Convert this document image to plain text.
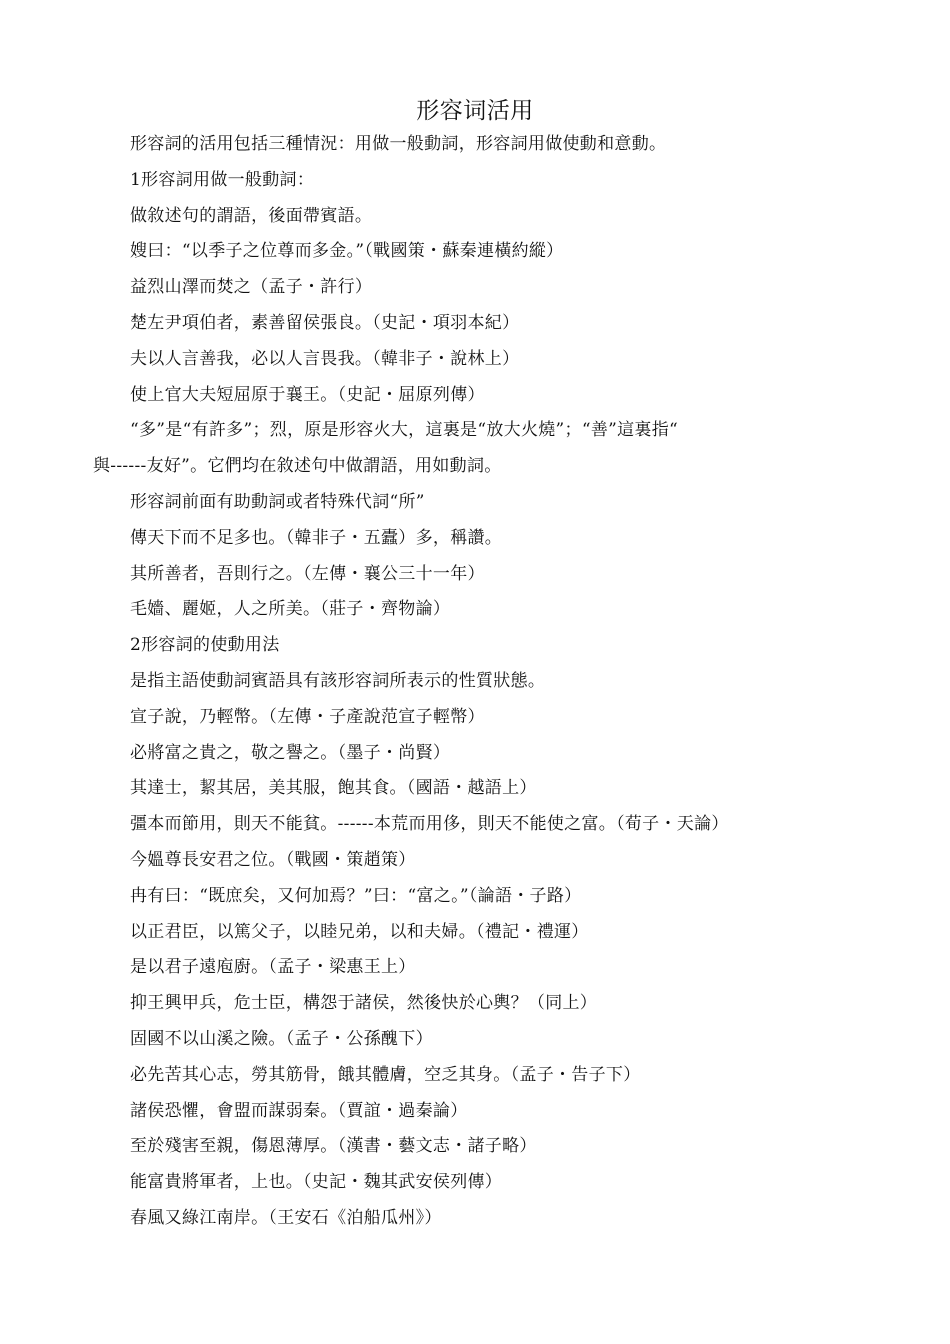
形容词活用
形容詞的活用包括三種情況：用做一般動詞，形容詞用做使動和意動。
1形容詞用做一般動詞：
做敘述句的謂語，後面帶賓語。
嫂曰：“以季子之位尊而多金。”（戰國策・蘇秦連橫約縱）
益烈山澤而焚之（孟子・許行）
楚左尹項伯者，素善留侯張良。（史記・項羽本紀）
夫以人言善我，必以人言畏我。（韓非子・說林上）
使上官大夫短屈原于襄王。（史記・屈原列傳）
“多”是“有許多”；烈，原是形容火大，這裏是“放大火燒”；“善”這裏指“
與------友好”。它們均在敘述句中做謂語，用如動詞。
形容詞前面有助動詞或者特殊代詞“所”
傳天下而不足多也。（韓非子・五蠹）多，稱讚。
其所善者，吾則行之。（左傳・襄公三十一年）
毛嬙、麗姬，人之所美。（莊子・齊物論）
2形容詞的使動用法
是指主語使動詞賓語具有該形容詞所表示的性質狀態。
宣子說，乃輕幣。（左傳・子產說范宣子輕幣）
必將富之貴之，敬之譽之。（墨子・尚賢）
其達士，絜其居，美其服，飽其食。（國語・越語上）
彊本而節用，則天不能貧。------本荒而用侈，則天不能使之富。（荀子・天論）
今媼尊長安君之位。（戰國・策趙策）
冉有曰：“既庶矣，又何加焉？”曰：“富之。”（論語・子路）
以正君臣，以篤父子，以睦兄弟，以和夫婦。（禮記・禮運）
是以君子遠庖廚。（孟子・梁惠王上）
抑王興甲兵，危士臣，構怨于諸侯，然後快於心輿？（同上）
固國不以山溪之險。（孟子・公孫醜下）
必先苦其心志，勞其筋骨，餓其體膚，空乏其身。（孟子・告子下）
諸侯恐懼，會盟而謀弱秦。（賈誼・過秦論）
至於殘害至親，傷恩薄厚。（漢書・藝文志・諸子略）
能富貴將軍者，上也。（史記・魏其武安侯列傳）
春風又綠江南岸。（王安石《泊船瓜州》）
